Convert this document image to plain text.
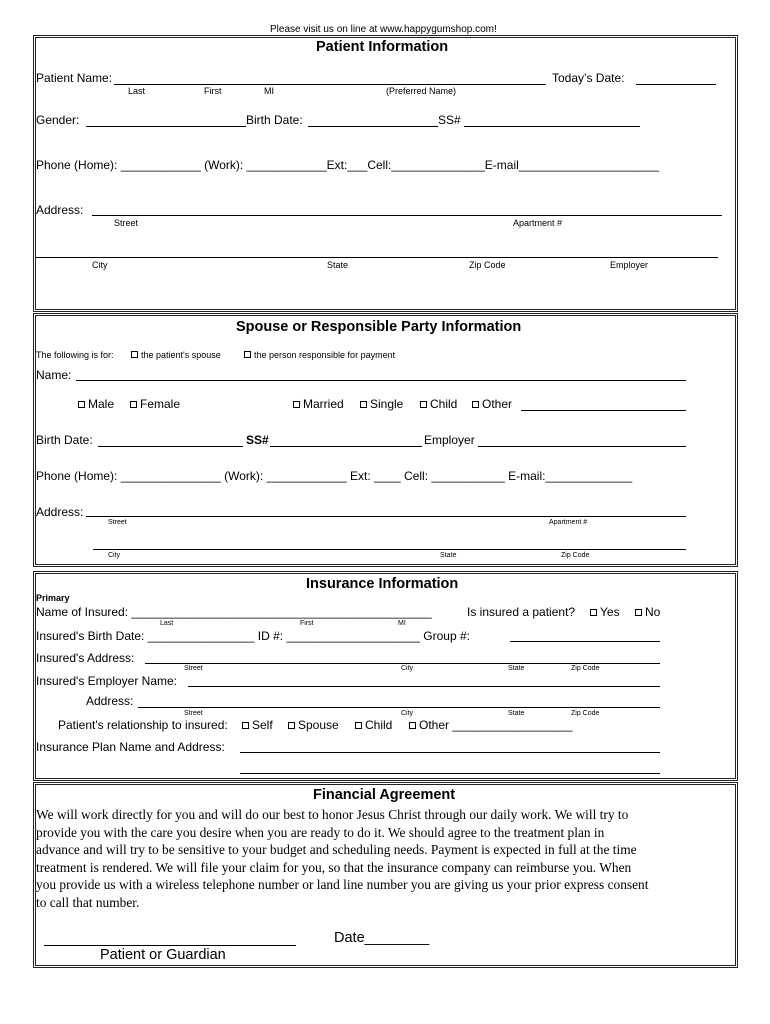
Please visit us on line at www.happygumshop.com!
Patient Information
Patient Name:	Today’s Date:
Last	First	MI	(Preferred Name)
Gender:	Birth Date:	SS#
Phone (Home): ____________ (Work): ____________Ext:___Cell:______________E-mail_____________________
Address:
Street	Apartment #
City	State	Zip Code	Employer
Spouse or Responsible Party Information
The following is for:	the patient's spouse	the person responsible for payment
Name:
Male	Female	Married	Single	Child	Other
Birth Date:	SS#	Employer
Phone (Home): _______________ (Work): ____________ Ext: ____ Cell: ___________ E-mail:_____________
Address:
Street	Apartment #
City	State	Zip Code
Insurance Information
Primary
Name of Insured: _____________________________________________	Is insured a patient?	Yes	No
Last	First	MI
Insured's Birth Date: ________________ ID #: ____________________ Group #:
Insured's Address:
Street	City	State	Zip Code
Insured's Employer Name:
Address:
Street	City	State	Zip Code
Patient's relationship to insured:	Self	Spouse	Child	Other __________________
Insurance Plan Name and Address:
Financial Agreement

We will work directly for you and will do our best to honor Jesus Christ through our daily work. We will try to

provide you with the care you desire when you are ready to do it. We should agree to the treatment plan in

advance and will try to be sensitive to your budget and scheduling needs. Payment is expected in full at the time

treatment is rendered. We will file your claim for you, so that the insurance company can reimburse you. When

you provide us with a wireless telephone number or land line number you are giving us your prior express consent

to call that number.

Date________
Patient or Guardian
